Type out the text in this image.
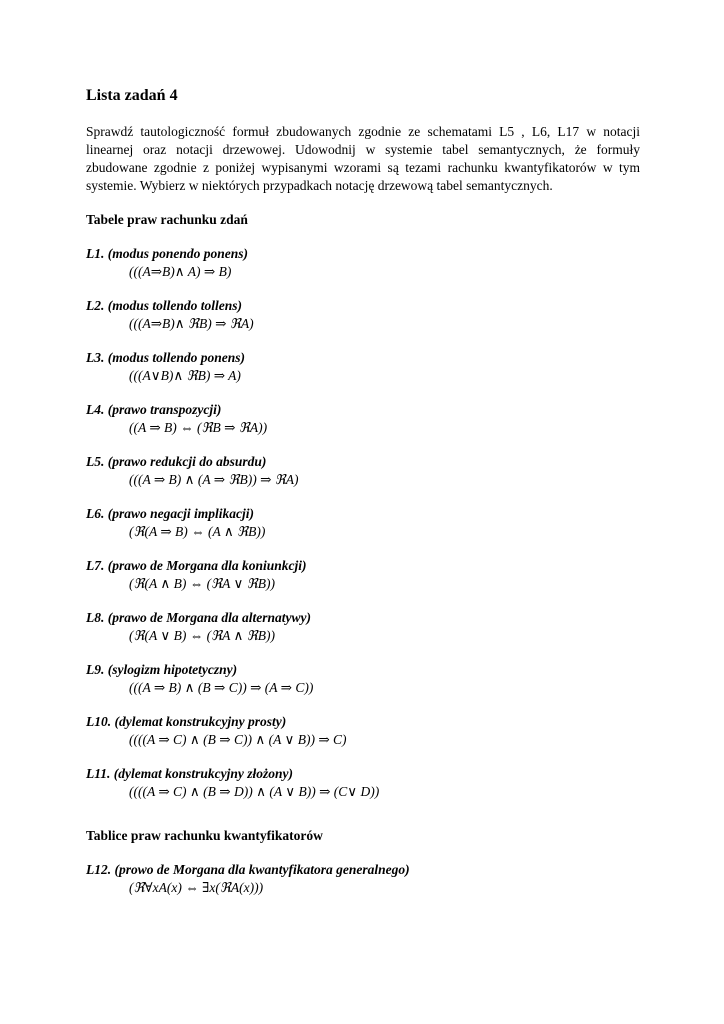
Lista zadań 4
Sprawdź tautologiczność formuł zbudowanych zgodnie ze schematami L5 , L6, L17 w notacji linearnej oraz notacji drzewowej. Udowodnij w systemie tabel semantycznych, że formuły zbudowane zgodnie z poniżej wypisanymi wzorami są tezami rachunku kwantyfikatorów w tym systemie. Wybierz w niektórych przypadkach notację drzewową tabel semantycznych.
Tabele praw rachunku zdań
L1. (modus ponendo ponens)
(((A⇒B)∧ A) ⇒ B)
L2. (modus tollendo tollens)
(((A⇒B)∧ ℜB) ⇒ ℜA)
L3. (modus tollendo ponens)
(((A∨B)∧ ℜB) ⇒ A)
L4. (prawo transpozycji)
((A ⇒ B) ⇔ (ℜB ⇒ ℜA))
L5. (prawo redukcji do absurdu)
(((A ⇒ B) ∧ (A ⇒ ℜB)) ⇒ ℜA)
L6. (prawo negacji implikacji)
(ℜ(A ⇒ B) ⇔ (A ∧ ℜB))
L7. (prawo de Morgana dla koniunkcji)
(ℜ(A ∧ B) ⇔ (ℜA ∨ ℜB))
L8. (prawo de Morgana dla alternatywy)
(ℜ(A ∨ B) ⇔ (ℜA ∧ ℜB))
L9. (sylogizm hipotetyczny)
(((A ⇒ B) ∧ (B ⇒ C)) ⇒ (A ⇒ C))
L10. (dylemat konstrukcyjny prosty)
((((A ⇒ C) ∧ (B ⇒ C)) ∧ (A ∨ B)) ⇒ C)
L11. (dylemat konstrukcyjny złożony)
((((A ⇒ C) ∧ (B ⇒ D)) ∧ (A ∨ B)) ⇒ (C∨ D))
Tablice praw rachunku kwantyfikatorów
L12. (prowo de Morgana dla kwantyfikatora generalnego)
(ℜ∀xA(x) ⇔ ∃x(ℜA(x)))
